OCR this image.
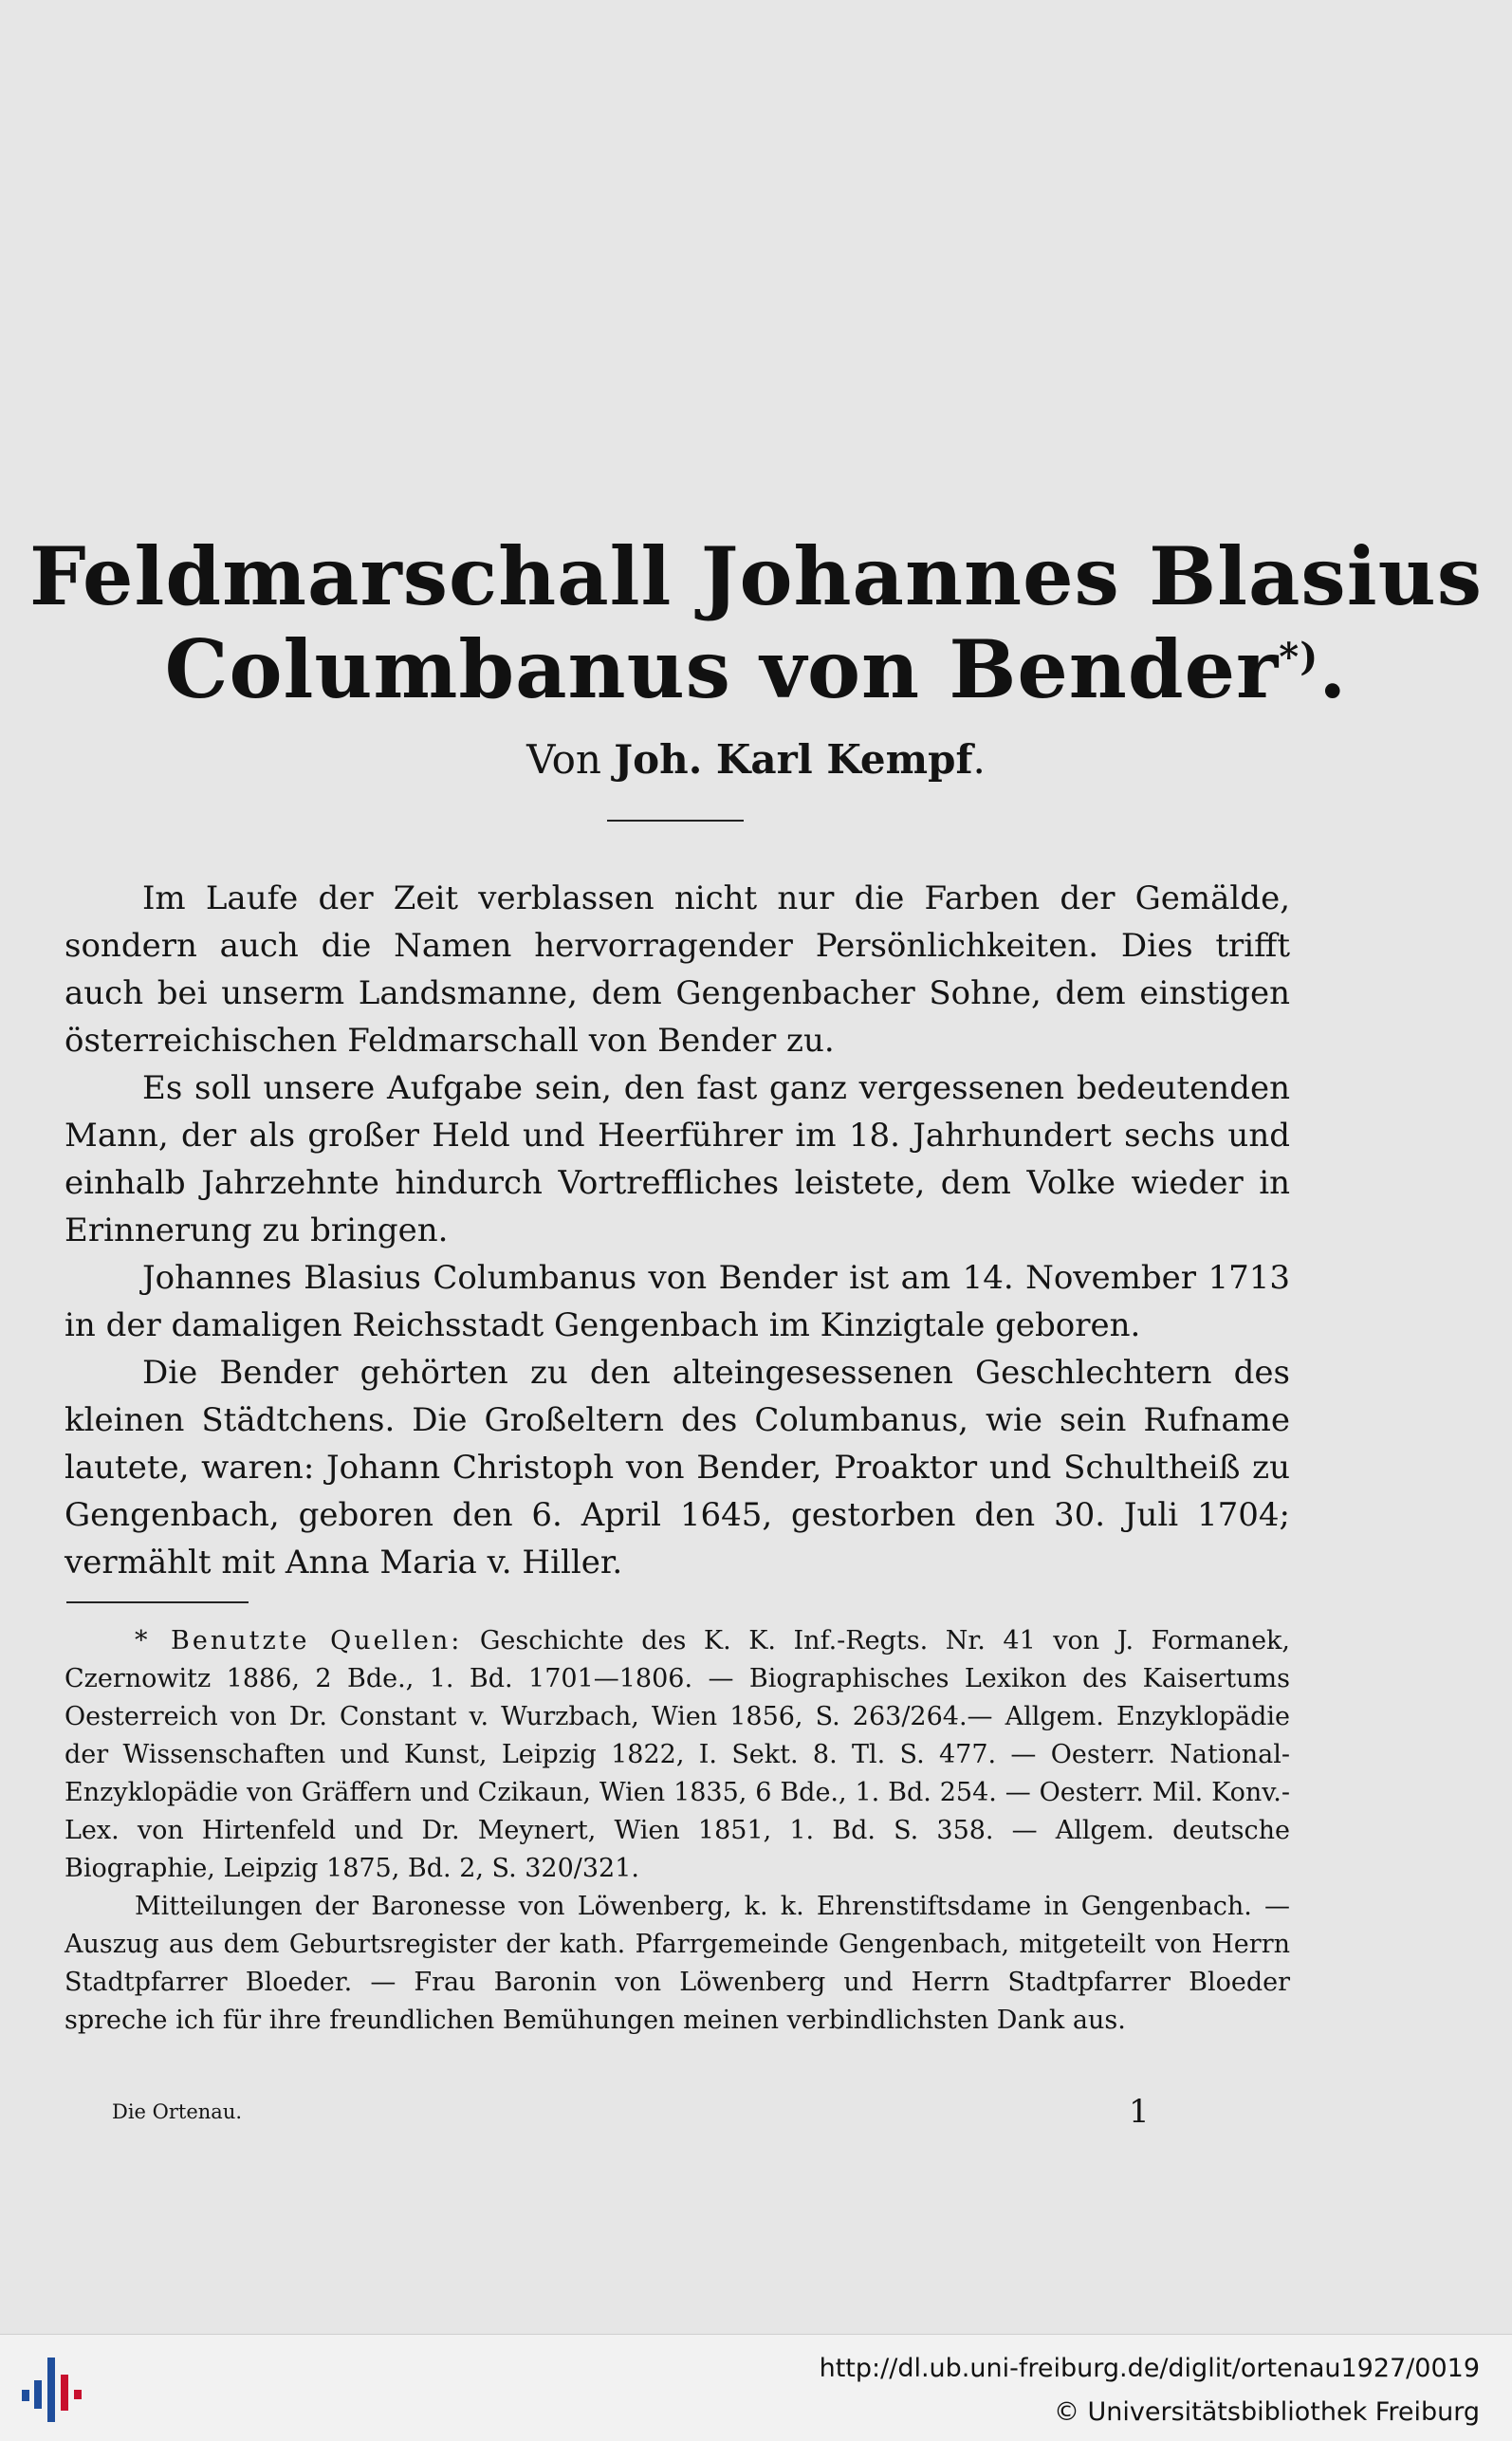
Feldmarschall Johannes Blasius
Columbanus von Bender*).
Von Joh. Karl Kempf.

Im Laufe der Zeit verblassen nicht nur die Farben der Gemälde, sondern auch die Namen hervorragender Persönlichkeiten. Dies trifft auch bei unserm Landsmanne, dem Gengenbacher Sohne, dem einstigen österreichischen Feldmarschall von Bender zu.

Es soll unsere Aufgabe sein, den fast ganz vergessenen bedeutenden Mann, der als großer Held und Heerführer im 18. Jahrhundert sechs und einhalb Jahrzehnte hindurch Vortreffliches leistete, dem Volke wieder in Erinnerung zu bringen.

Johannes Blasius Columbanus von Bender ist am 14. November 1713 in der damaligen Reichsstadt Gengenbach im Kinzigtale geboren.

Die Bender gehörten zu den alteingesessenen Geschlechtern des kleinen Städtchens. Die Großeltern des Columbanus, wie sein Rufname lautete, waren: Johann Christoph von Bender, Proaktor und Schultheiß zu Gengenbach, geboren den 6. April 1645, gestorben den 30. Juli 1704; vermählt mit Anna Maria v. Hiller.

* Benutzte Quellen: Geschichte des K. K. Inf.-Regts. Nr. 41 von J. Formanek, Czernowitz 1886, 2 Bde., 1. Bd. 1701—1806. — Biographisches Lexikon des Kaisertums Oesterreich von Dr. Constant v. Wurzbach, Wien 1856, S. 263/264.— Allgem. Enzyklopädie der Wissenschaften und Kunst, Leipzig 1822, I. Sekt. 8. Tl. S. 477. — Oesterr. National-Enzyklopädie von Gräffern und Czikaun, Wien 1835, 6 Bde., 1. Bd. 254. — Oesterr. Mil. Konv.-Lex. von Hirtenfeld und Dr. Meynert, Wien 1851, 1. Bd. S. 358. — Allgem. deutsche Biographie, Leipzig 1875, Bd. 2, S. 320/321.

Mitteilungen der Baronesse von Löwenberg, k. k. Ehrenstiftsdame in Gengenbach. — Auszug aus dem Geburtsregister der kath. Pfarrgemeinde Gengenbach, mitgeteilt von Herrn Stadtpfarrer Bloeder. — Frau Baronin von Löwenberg und Herrn Stadtpfarrer Bloeder spreche ich für ihre freundlichen Bemühungen meinen verbindlichsten Dank aus.

Die Ortenau.	1
http://dl.ub.uni-freiburg.de/diglit/ortenau1927/0019
© Universitätsbibliothek Freiburg
